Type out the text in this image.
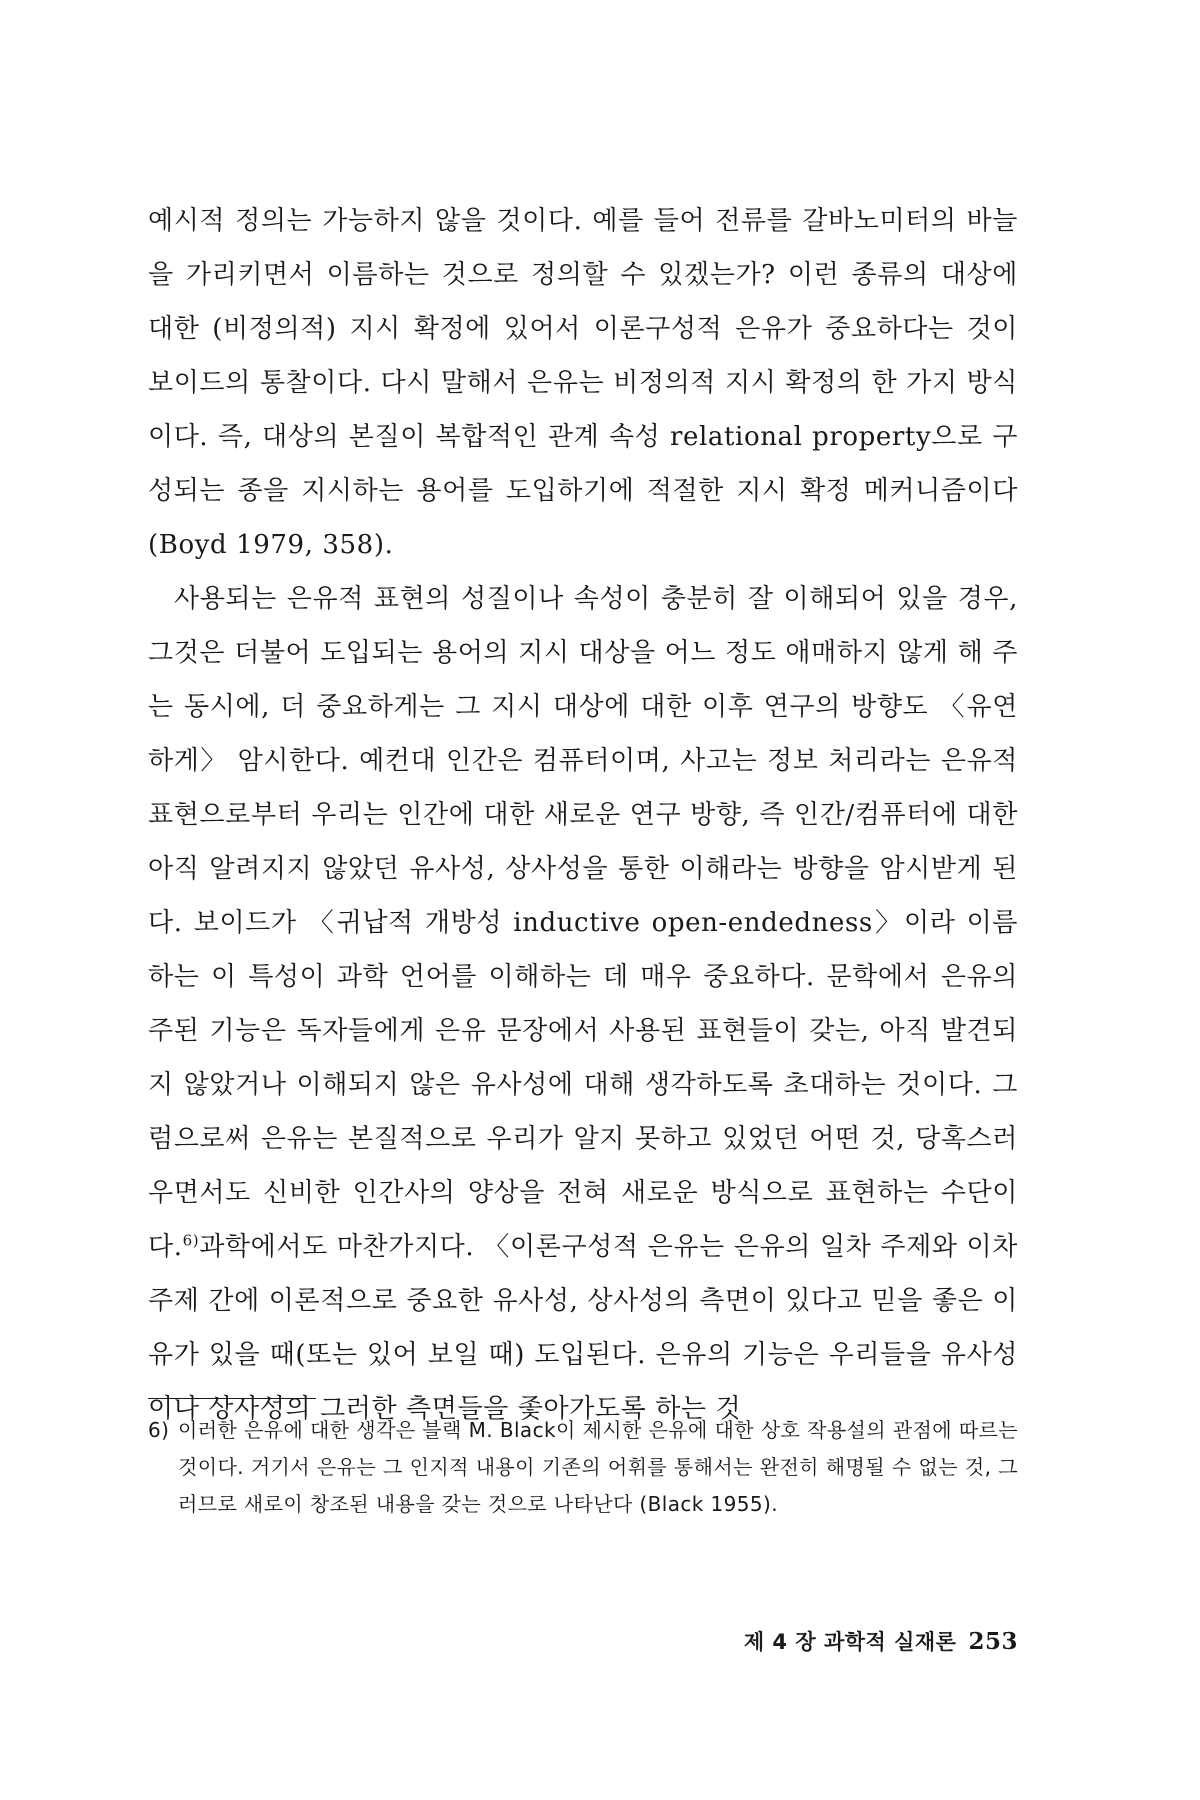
예시적 정의는 가능하지 않을 것이다. 예를 들어 전류를 갈바노미터의 바늘을 가리키면서 이름하는 것으로 정의할 수 있겠는가? 이런 종류의 대상에 대한 (비정의적) 지시 확정에 있어서 이론구성적 은유가 중요하다는 것이 보이드의 통찰이다. 다시 말해서 은유는 비정의적 지시 확정의 한 가지 방식이다. 즉, 대상의 본질이 복합적인 관계 속성 relational property으로 구성되는 종을 지시하는 용어를 도입하기에 적절한 지시 확정 메커니즘이다(Boyd 1979, 358).

사용되는 은유적 표현의 성질이나 속성이 충분히 잘 이해되어 있을 경우, 그것은 더불어 도입되는 용어의 지시 대상을 어느 정도 애매하지 않게 해 주는 동시에, 더 중요하게는 그 지시 대상에 대한 이후 연구의 방향도 〈유연하게〉 암시한다. 예컨대 인간은 컴퓨터이며, 사고는 정보 처리라는 은유적 표현으로부터 우리는 인간에 대한 새로운 연구 방향, 즉 인간/컴퓨터에 대한 아직 알려지지 않았던 유사성, 상사성을 통한 이해라는 방향을 암시받게 된다. 보이드가 〈귀납적 개방성 inductive open-endedness〉이라 이름하는 이 특성이 과학 언어를 이해하는 데 매우 중요하다. 문학에서 은유의 주된 기능은 독자들에게 은유 문장에서 사용된 표현들이 갖는, 아직 발견되지 않았거나 이해되지 않은 유사성에 대해 생각하도록 초대하는 것이다. 그럼으로써 은유는 본질적으로 우리가 알지 못하고 있었던 어떤 것, 당혹스러우면서도 신비한 인간사의 양상을 전혀 새로운 방식으로 표현하는 수단이다.$^{6)}$과학에서도 마찬가지다. 〈이론구성적 은유는 은유의 일차 주제와 이차 주제 간에 이론적으로 중요한 유사성, 상사성의 측면이 있다고 믿을 좋은 이유가 있을 때(또는 있어 보일 때) 도입된다. 은유의 기능은 우리들을 유사성이나 상사성의 그러한 측면들을 좇아가도록 하는 것

6) 이러한 은유에 대한 생각은 블랙 M. Black이 제시한 은유에 대한 상호 작용설의 관점에 따르는 것이다. 거기서 은유는 그 인지적 내용이 기존의 어휘를 통해서는 완전히 해명될 수 없는 것, 그러므로 새로이 창조된 내용을 갖는 것으로 나타난다 (Black 1955).
제 4 장 과학적 실재론 253
